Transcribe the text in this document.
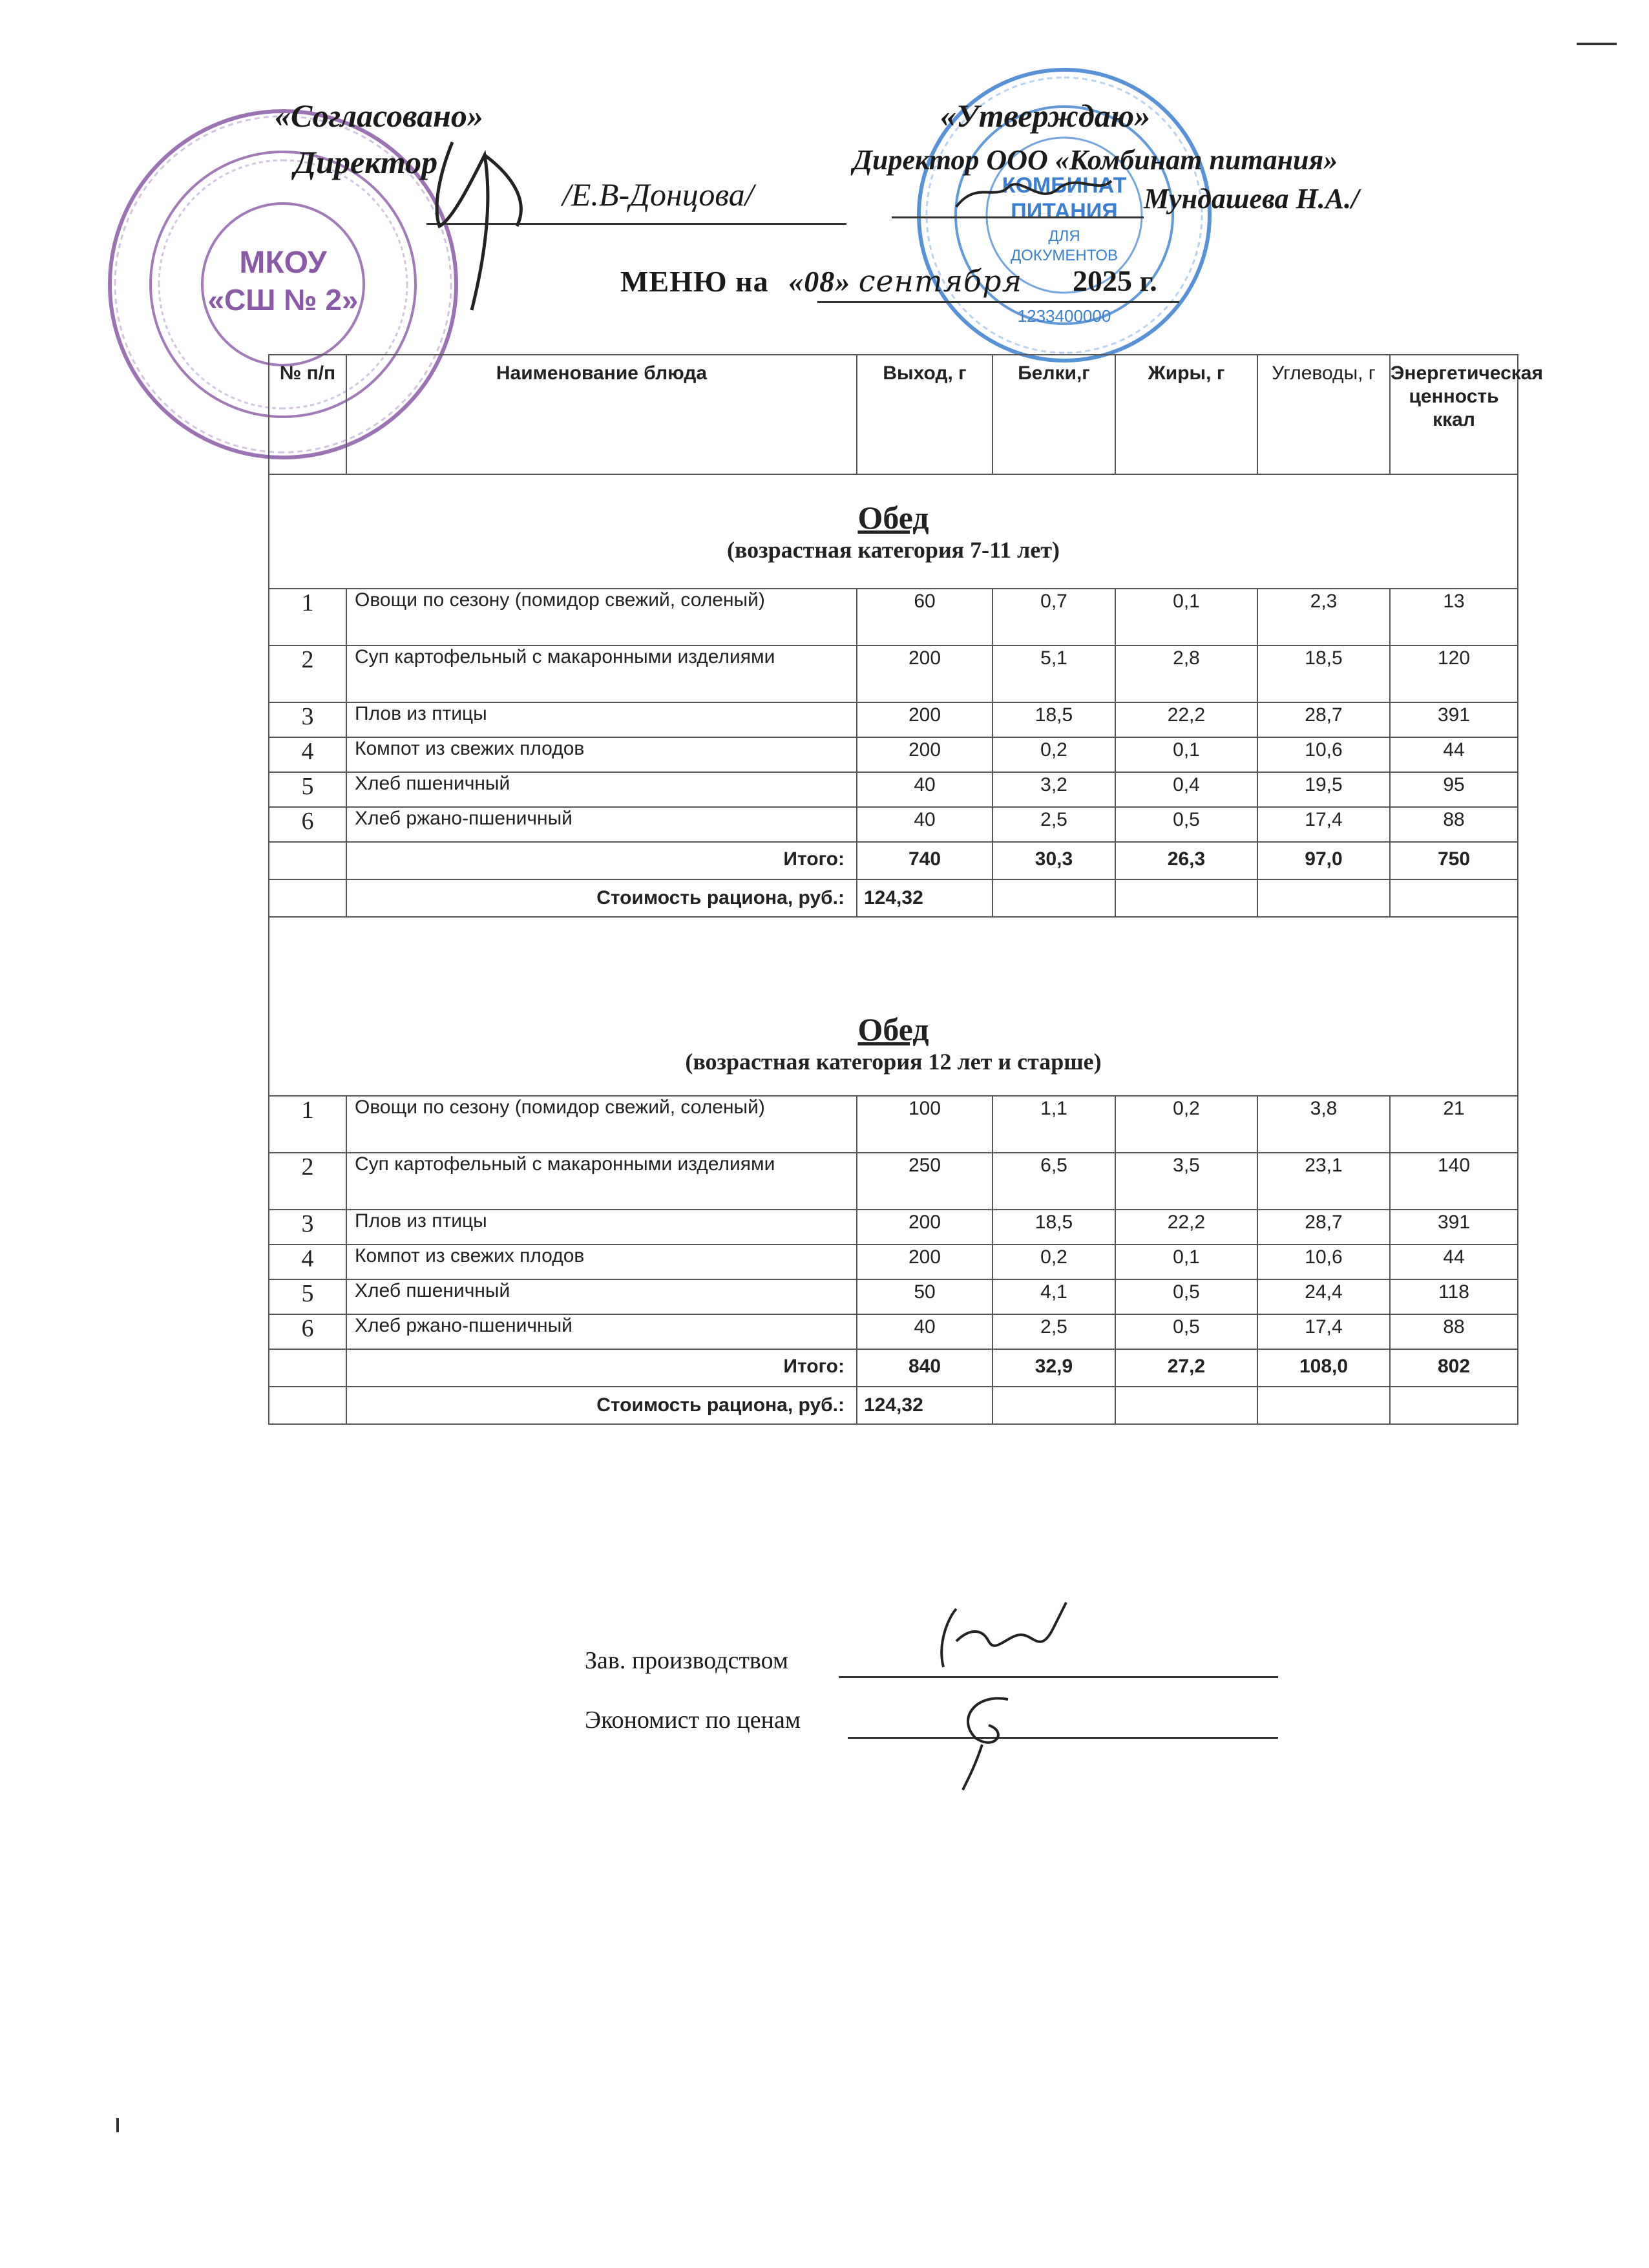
МКОУ
«СШ № 2»
КОМБИНАТ
ПИТАНИЯ
ДЛЯ
ДОКУМЕНТОВ
1233400000
«Согласовано»
Директор
/Е.В-Донцова/
«Утверждаю»
Директор ООО «Комбинат питания»
Мундашева Н.А./
МЕНЮ на «08» сентября 2025 г.
№ п/п	Наименование блюда	Выход, г	Белки,г	Жиры, г	Углеводы, г	Энергетическая ценность ккал

Обед
(возрастная категория 7-11 лет)						

1	Овощи по сезону (помидор свежий, соленый)	60	0,7	0,1	2,3	13
2	Суп картофельный с макаронными изделиями	200	5,1	2,8	18,5	120
3	Плов из птицы	200	18,5	22,2	28,7	391
4	Компот из свежих плодов	200	0,2	0,1	10,6	44
5	Хлеб пшеничный	40	3,2	0,4	19,5	95
6	Хлеб ржано-пшеничный	40	2,5	0,5	17,4	88
	Итого:	740	30,3	26,3	97,0	750
	Стоимость рациона, руб.:	124,32				

Обед
(возрастная категория 12 лет и старше)						

1	Овощи по сезону (помидор свежий, соленый)	100	1,1	0,2	3,8	21
2	Суп картофельный с макаронными изделиями	250	6,5	3,5	23,1	140
3	Плов из птицы	200	18,5	22,2	28,7	391
4	Компот из свежих плодов	200	0,2	0,1	10,6	44
5	Хлеб пшеничный	50	4,1	0,5	24,4	118
6	Хлеб ржано-пшеничный	40	2,5	0,5	17,4	88
	Итого:	840	32,9	27,2	108,0	802
	Стоимость рациона, руб.:	124,32				
Зав. производством
Экономист по ценам
